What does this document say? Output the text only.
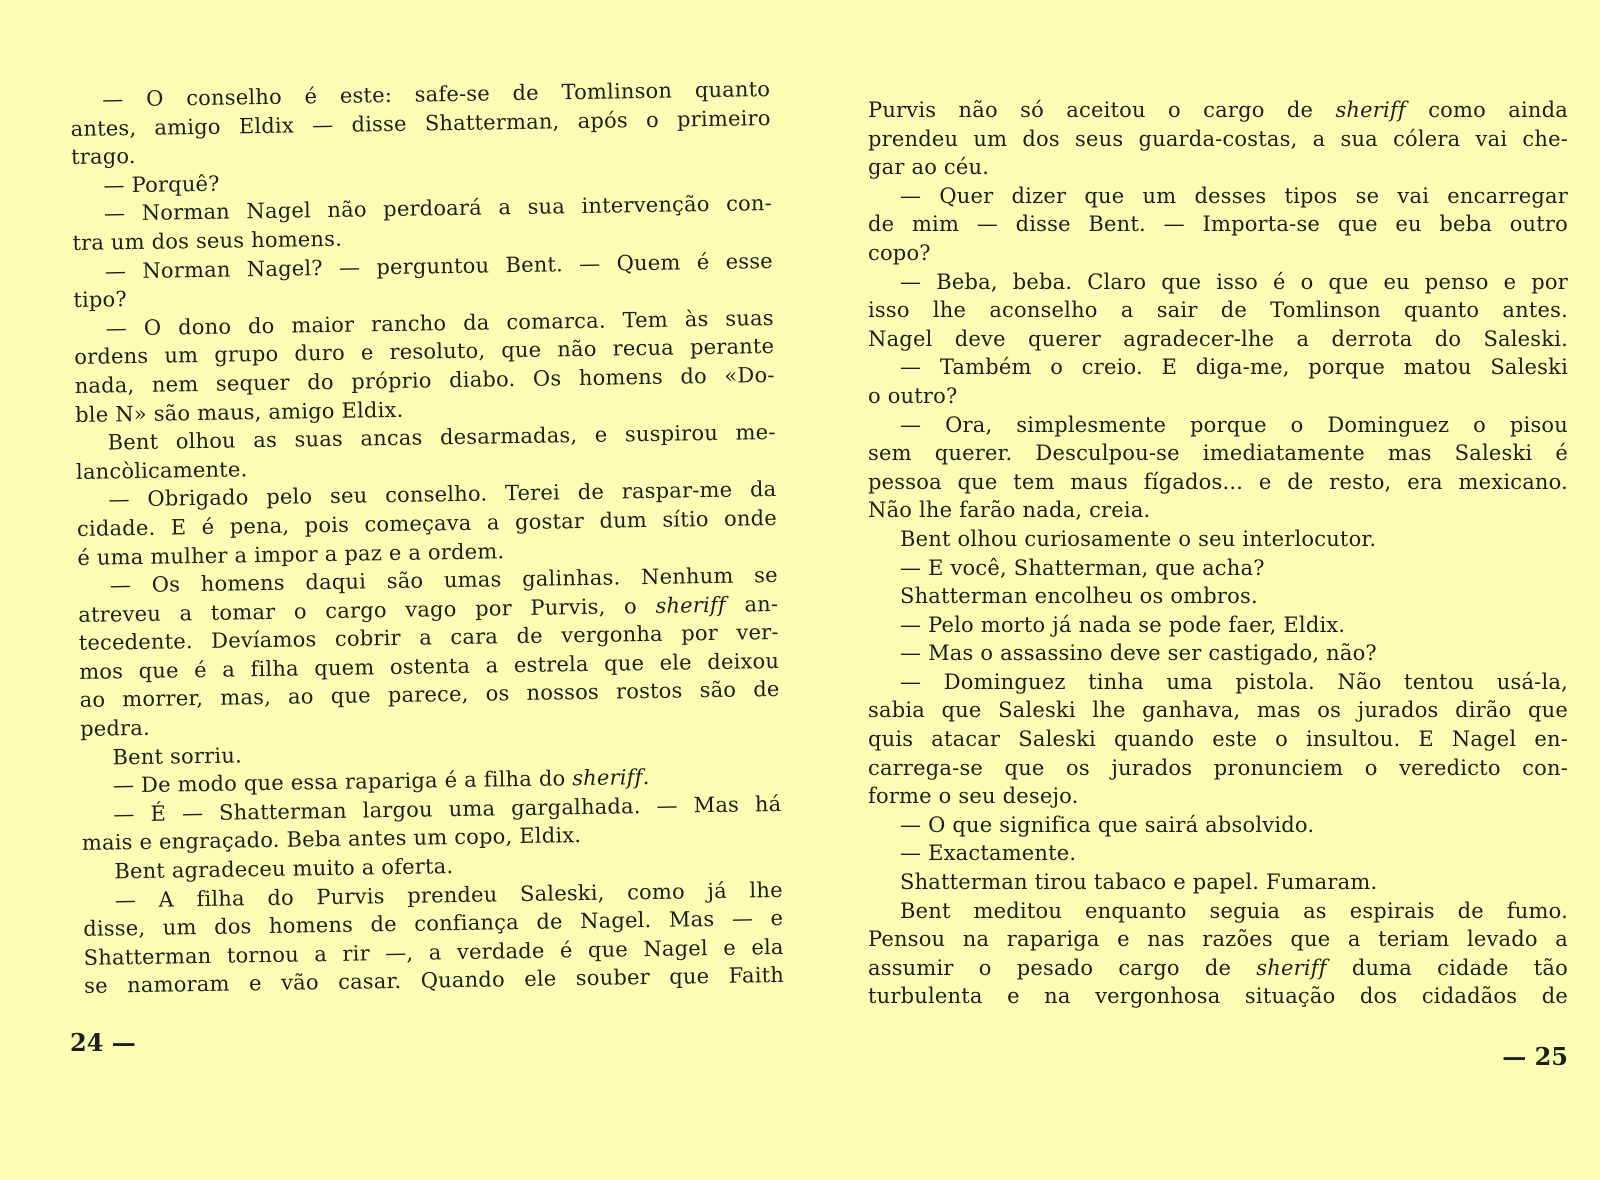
— O conselho é este: safe-se de Tomlinson quanto
antes, amigo Eldix — disse Shatterman, após o primeiro
trago.
— Porquê?
— Norman Nagel não perdoará a sua intervenção con-
tra um dos seus homens.
— Norman Nagel? — perguntou Bent. — Quem é esse
tipo?
— O dono do maior rancho da comarca. Tem às suas
ordens um grupo duro e resoluto, que não recua perante
nada, nem sequer do próprio diabo. Os homens do «Do-
ble N» são maus, amigo Eldix.
Bent olhou as suas ancas desarmadas, e suspirou me-
lancòlicamente.
— Obrigado pelo seu conselho. Terei de raspar-me da
cidade. E é pena, pois começava a gostar dum sítio onde
é uma mulher a impor a paz e a ordem.
— Os homens daqui são umas galinhas. Nenhum se
atreveu a tomar o cargo vago por Purvis, o sheriff an-
tecedente. Devíamos cobrir a cara de vergonha por ver-
mos que é a filha quem ostenta a estrela que ele deixou
ao morrer, mas, ao que parece, os nossos rostos são de
pedra.
Bent sorriu.
— De modo que essa rapariga é a filha do sheriff.
— É — Shatterman largou uma gargalhada. — Mas há
mais e engraçado. Beba antes um copo, Eldix.
Bent agradeceu muito a oferta.
— A filha do Purvis prendeu Saleski, como já lhe
disse, um dos homens de confiança de Nagel. Mas — e
Shatterman tornou a rir —, a verdade é que Nagel e ela
se namoram e vão casar. Quando ele souber que Faith
24 —
Purvis não só aceitou o cargo de sheriff como ainda
prendeu um dos seus guarda-costas, a sua cólera vai che-
gar ao céu.
— Quer dizer que um desses tipos se vai encarregar
de mim — disse Bent. — Importa-se que eu beba outro
copo?
— Beba, beba. Claro que isso é o que eu penso e por
isso lhe aconselho a sair de Tomlinson quanto antes.
Nagel deve querer agradecer-lhe a derrota do Saleski.
— Também o creio. E diga-me, porque matou Saleski
o outro?
— Ora, simplesmente porque o Dominguez o pisou
sem querer. Desculpou-se imediatamente mas Saleski é
pessoa que tem maus fígados... e de resto, era mexicano.
Não lhe farão nada, creia.
Bent olhou curiosamente o seu interlocutor.
— E você, Shatterman, que acha?
Shatterman encolheu os ombros.
— Pelo morto já nada se pode faer, Eldix.
— Mas o assassino deve ser castigado, não?
— Dominguez tinha uma pistola. Não tentou usá-la,
sabia que Saleski lhe ganhava, mas os jurados dirão que
quis atacar Saleski quando este o insultou. E Nagel en-
carrega-se que os jurados pronunciem o veredicto con-
forme o seu desejo.
— O que significa que sairá absolvido.
— Exactamente.
Shatterman tirou tabaco e papel. Fumaram.
Bent meditou enquanto seguia as espirais de fumo.
Pensou na rapariga e nas razões que a teriam levado a
assumir o pesado cargo de sheriff duma cidade tão
turbulenta e na vergonhosa situação dos cidadãos de
— 25
